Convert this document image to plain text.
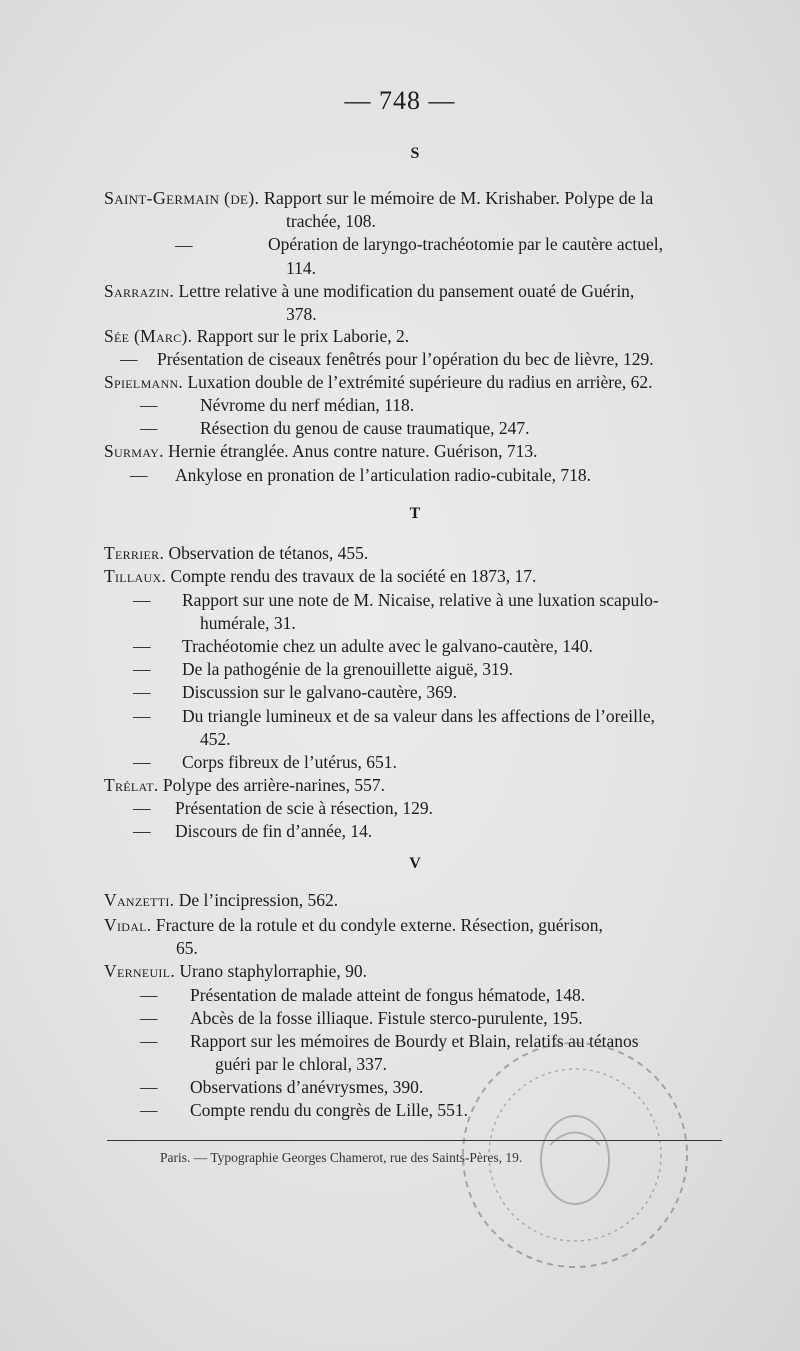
— 748 —
S
Saint-Germain (de). Rapport sur le mémoire de M. Krishaber. Polype de la
trachée, 108.
—	Opération de laryngo-trachéotomie par le cautère actuel,
114.
Sarrazin. Lettre relative à une modification du pansement ouaté de Guérin,
378.
Sée (Marc). Rapport sur le prix Laborie, 2.
— Présentation de ciseaux fenêtrés pour l’opération du bec de lièvre, 129.
Spielmann. Luxation double de l’extrémité supérieure du radius en arrière, 62.
— Névrome du nerf médian, 118.
— Résection du genou de cause traumatique, 247.
Surmay. Hernie étranglée. Anus contre nature. Guérison, 713.
— Ankylose en pronation de l’articulation radio-cubitale, 718.
T
Terrier. Observation de tétanos, 455.
Tillaux. Compte rendu des travaux de la société en 1873, 17.
— Rapport sur une note de M. Nicaise, relative à une luxation scapulo-
humérale, 31.
— Trachéotomie chez un adulte avec le galvano-cautère, 140.
— De la pathogénie de la grenouillette aiguë, 319.
— Discussion sur le galvano-cautère, 369.
— Du triangle lumineux et de sa valeur dans les affections de l’oreille,
452.
— Corps fibreux de l’utérus, 651.
Trélat. Polype des arrière-narines, 557.
— Présentation de scie à résection, 129.
— Discours de fin d’année, 14.
V
Vanzetti. De l’incipression, 562.
Vidal. Fracture de la rotule et du condyle externe. Résection, guérison,
65.
Verneuil. Urano staphylorraphie, 90.
— Présentation de malade atteint de fongus hématode, 148.
— Abcès de la fosse illiaque. Fistule sterco-purulente, 195.
— Rapport sur les mémoires de Bourdy et Blain, relatifs au tétanos
guéri par le chloral, 337.
— Observations d’anévrysmes, 390.
— Compte rendu du congrès de Lille, 551.
Paris. — Typographie Georges Chamerot, rue des Saints-Pères, 19.
